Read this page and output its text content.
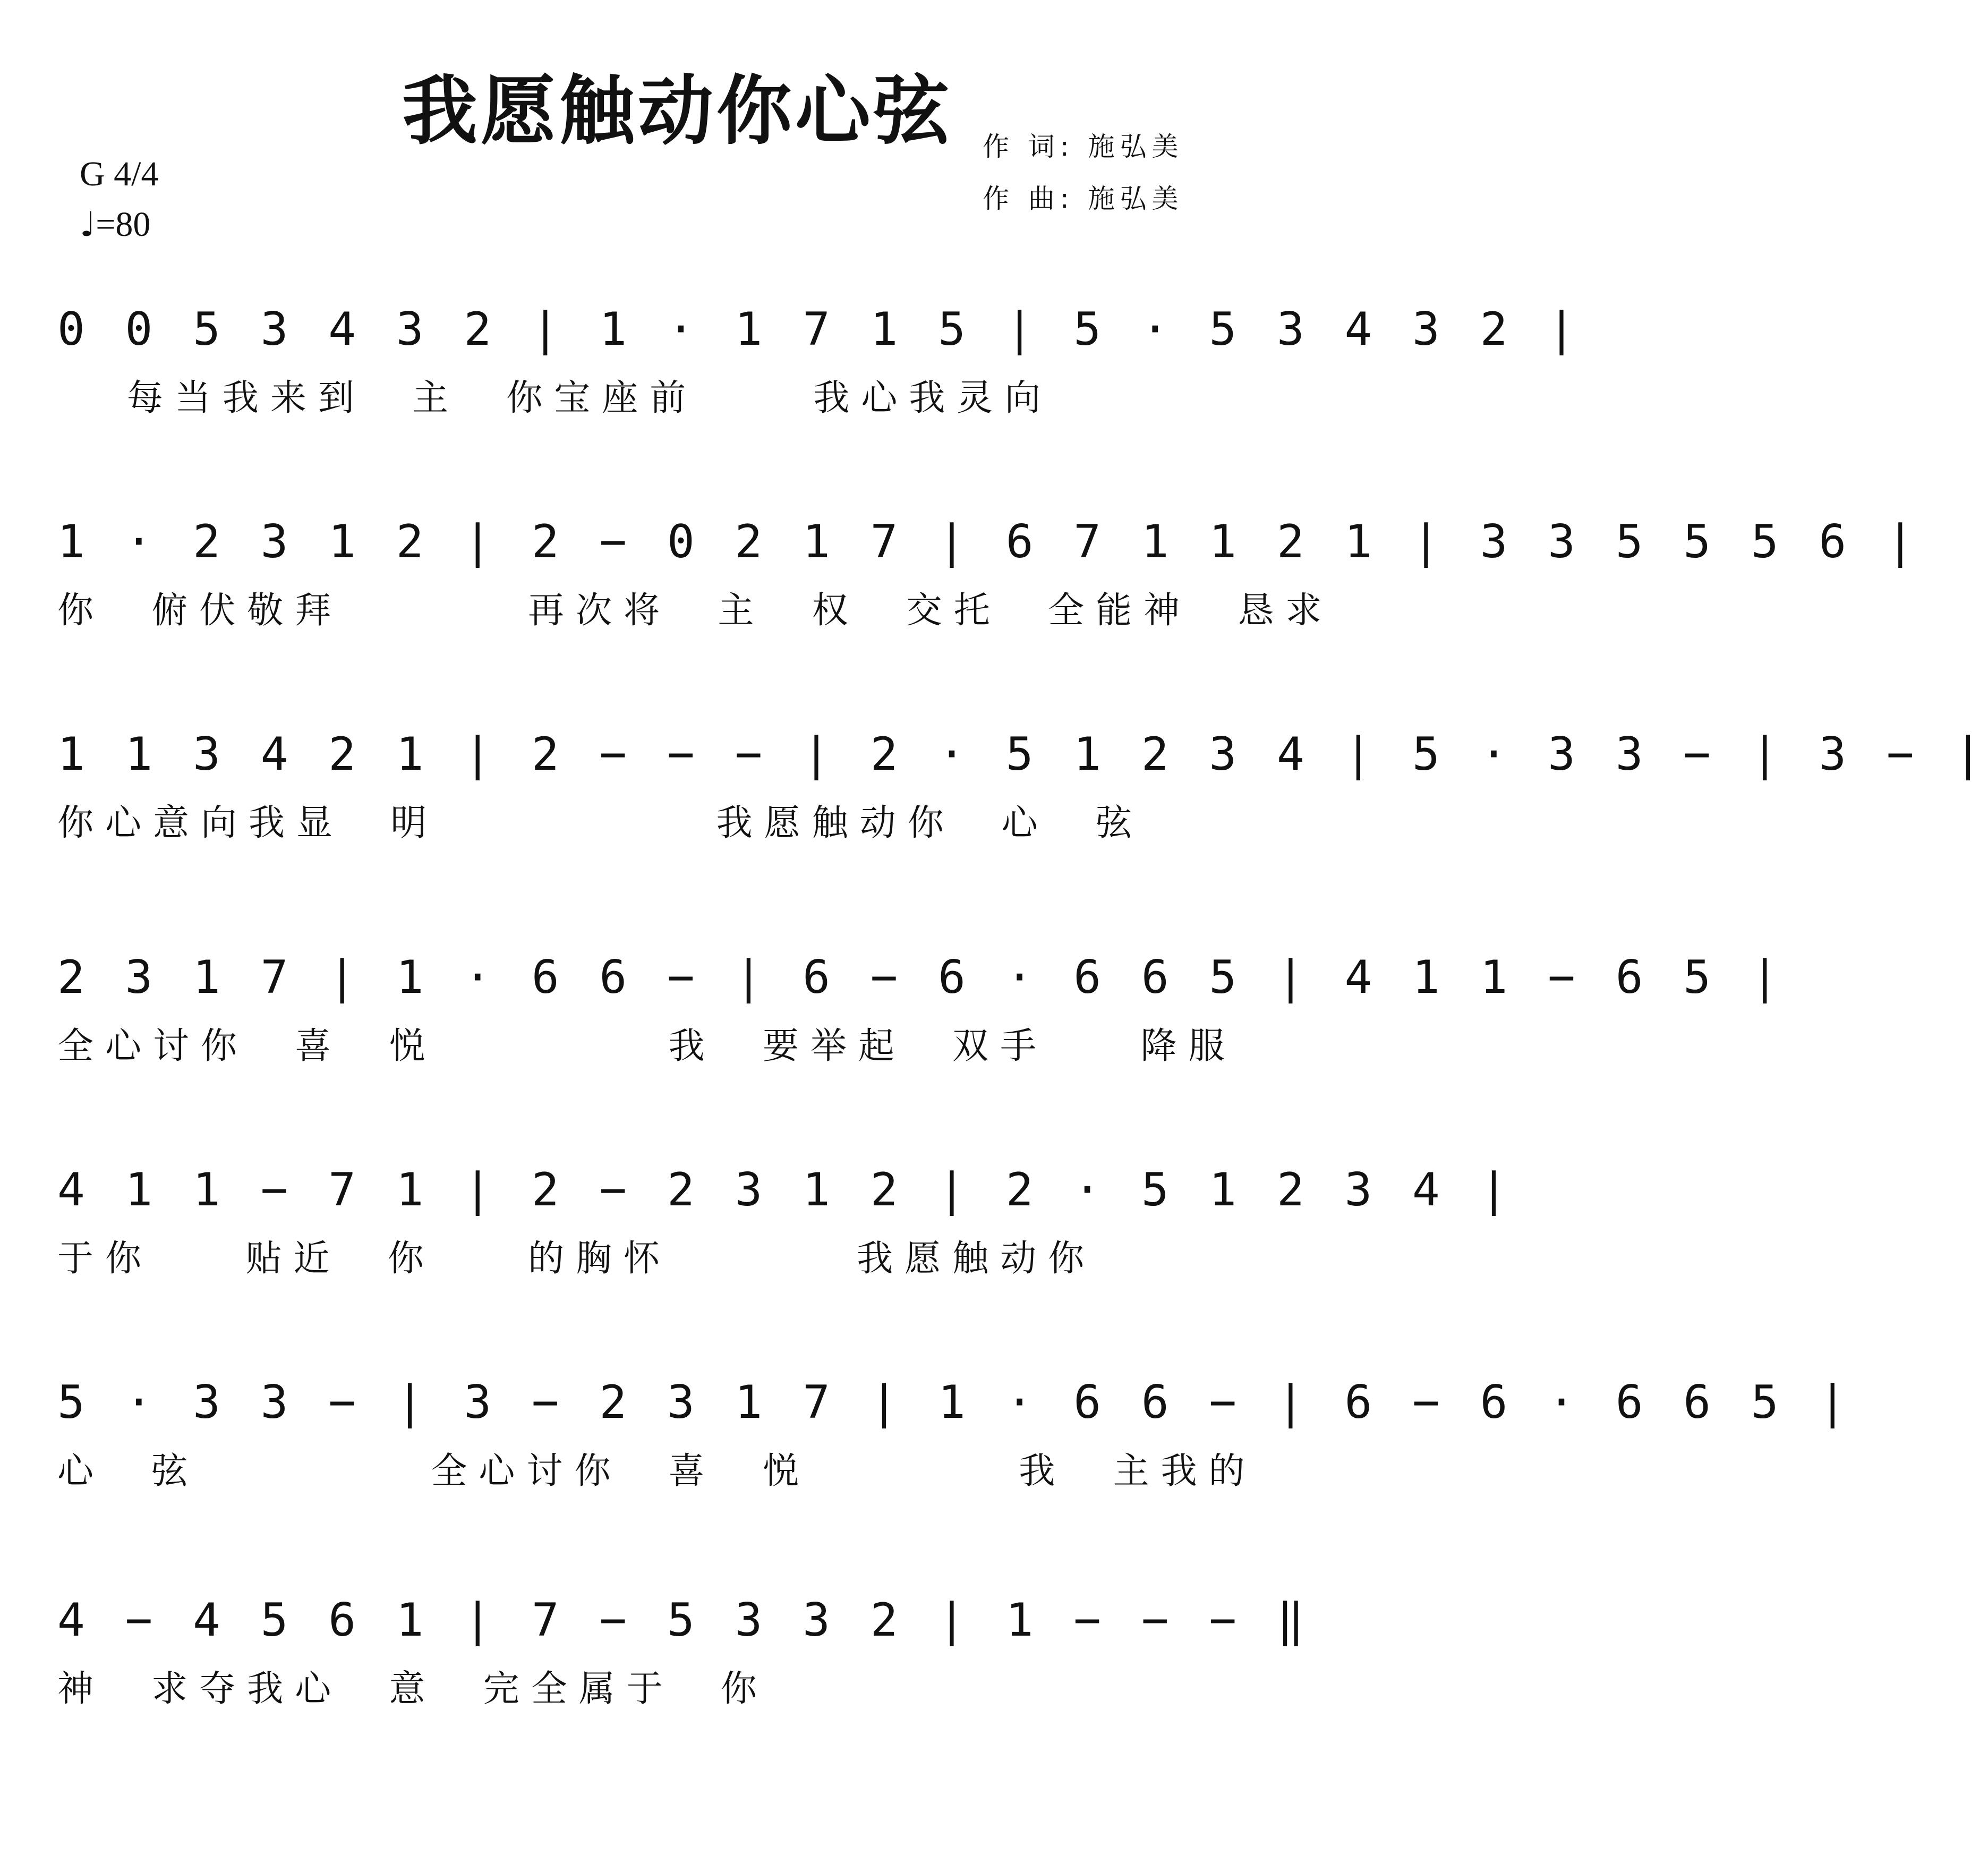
我愿触动你心弦	作 词: 施弘美
作 曲: 施弘美
G 4/4
♩=80
0 0 5 3 4 3 2 | 1 · 1 7 1 5 | 5 · 5 3 4 3 2 |
每当我来到  主  你宝座前     我心我灵向
1 · 2 3 1 2 | 2 − 0 2 1 7 | 6 7 1 1 2 1 | 3 3 5 5 5 6 |
你  俯伏敬拜        再次将  主  权  交托  全能神  恳求
1 1 3 4 2 1 | 2 − − − | 2 · 5 1 2 3 4 | 5 · 3 3 − | 3 − |
你心意向我显  明            我愿触动你  心  弦
2 3 1 7 | 1 · 6 6 − | 6 − 6 · 6 6 5 | 4 1 1 − 6 5 |
全心讨你  喜  悦          我  要举起  双手    降服
4 1 1 − 7 1 | 2 − 2 3 1 2 | 2 · 5 1 2 3 4 |
于你    贴近  你    的胸怀        我愿触动你
5 · 3 3 − | 3 − 2 3 1 7 | 1 · 6 6 − | 6 − 6 · 6 6 5 |
心  弦          全心讨你  喜  悦         我  主我的
4 − 4 5 6 1 | 7 − 5 3 3 2 | 1 − − − ‖
神  求夺我心  意  完全属于  你
